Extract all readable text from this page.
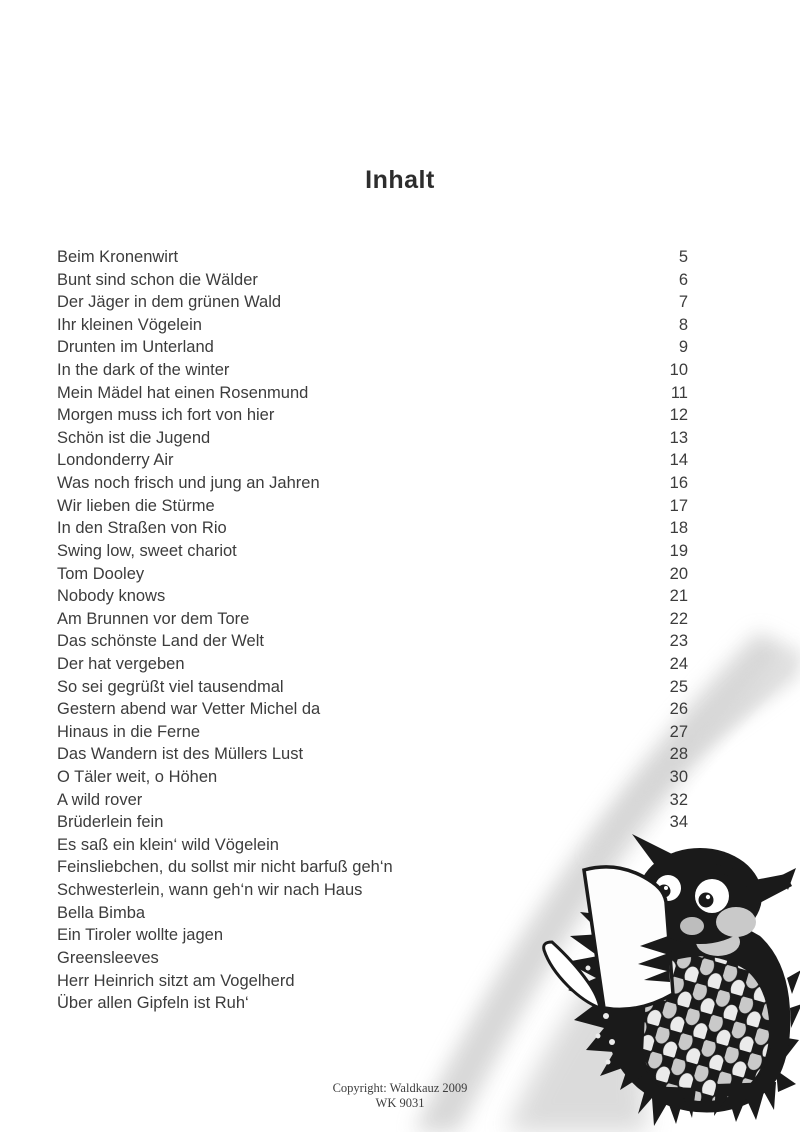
Inhalt
Beim Kronenwirt	5
Bunt sind schon die Wälder	6
Der Jäger in dem grünen Wald	7
Ihr kleinen Vögelein	8
Drunten im Unterland	9
In the dark of the winter	10
Mein Mädel hat einen Rosenmund	11
Morgen muss ich fort von hier	12
Schön ist die Jugend	13
Londonderry Air	14
Was noch frisch und jung an Jahren	16
Wir lieben die Stürme	17
In den Straßen von Rio	18
Swing low, sweet chariot	19
Tom Dooley	20
Nobody knows	21
Am Brunnen vor dem Tore	22
Das schönste Land der Welt	23
Der hat vergeben	24
So sei gegrüßt viel tausendmal	25
Gestern abend war Vetter Michel da	26
Hinaus in die Ferne	27
Das Wandern ist des Müllers Lust	28
O Täler weit, o Höhen	30
A wild rover	32
Brüderlein fein	34
Es saß ein klein‘ wild Vögelein
Feinsliebchen, du sollst mir nicht barfuß geh‘n
Schwesterlein, wann geh‘n wir nach Haus
Bella Bimba
Ein Tiroler wollte jagen
Greensleeves
Herr Heinrich sitzt am Vogelherd
Über allen Gipfeln ist Ruh‘
Copyright: Waldkauz 2009
WK 9031
